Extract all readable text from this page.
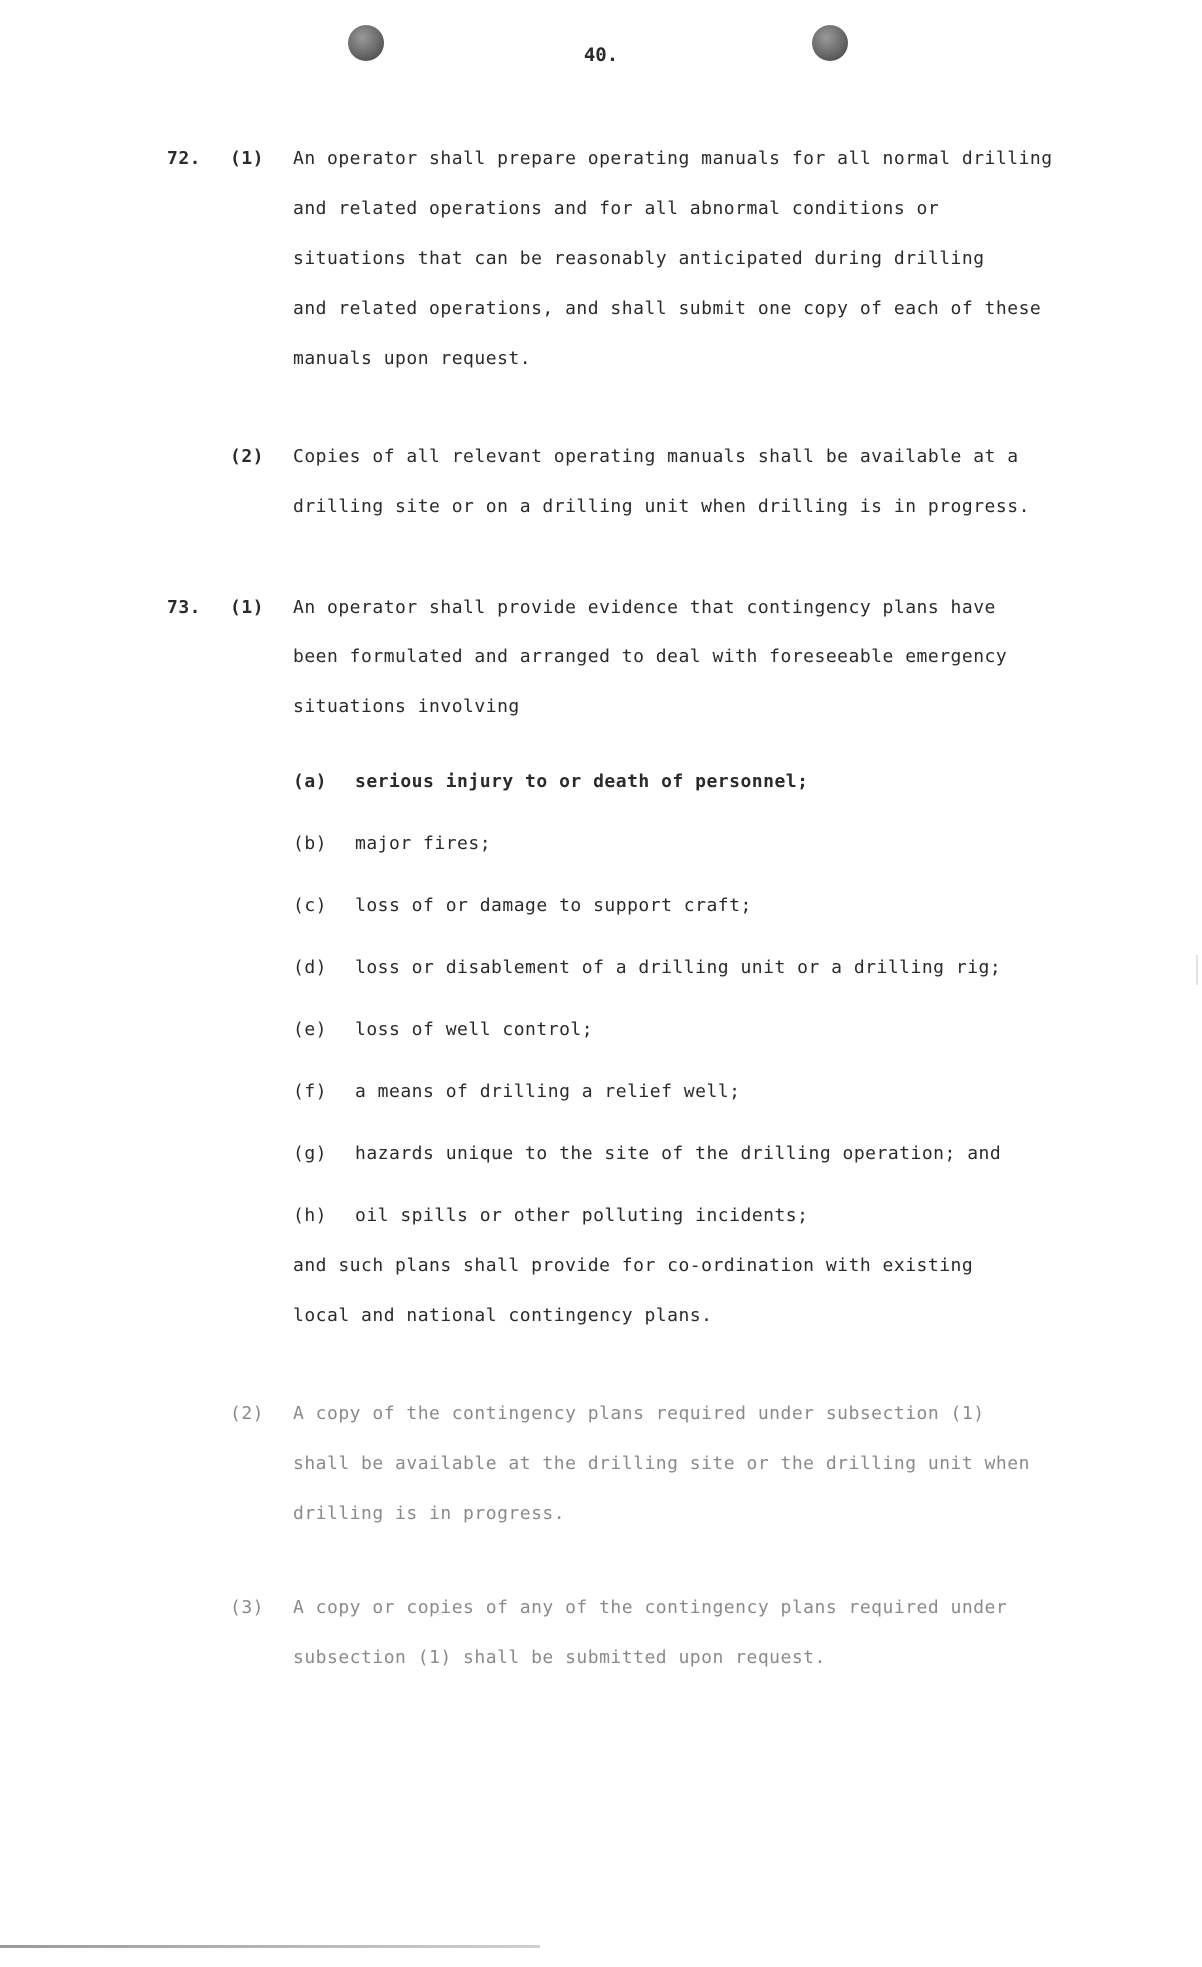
40.
72. (1) An operator shall prepare operating manuals for all normal drilling
and related operations and for all abnormal conditions or
situations that can be reasonably anticipated during drilling
and related operations, and shall submit one copy of each of these
manuals upon request.
(2) Copies of all relevant operating manuals shall be available at a
drilling site or on a drilling unit when drilling is in progress.
73. (1) An operator shall provide evidence that contingency plans have
been formulated and arranged to deal with foreseeable emergency
situations involving
(a) serious injury to or death of personnel;
(b) major fires;
(c) loss of or damage to support craft;
(d) loss or disablement of a drilling unit or a drilling rig;
(e) loss of well control;
(f) a means of drilling a relief well;
(g) hazards unique to the site of the drilling operation; and
(h) oil spills or other polluting incidents;
and such plans shall provide for co-ordination with existing
local and national contingency plans.
(2) A copy of the contingency plans required under subsection (1)
shall be available at the drilling site or the drilling unit when
drilling is in progress.
(3) A copy or copies of any of the contingency plans required under
subsection (1) shall be submitted upon request.
